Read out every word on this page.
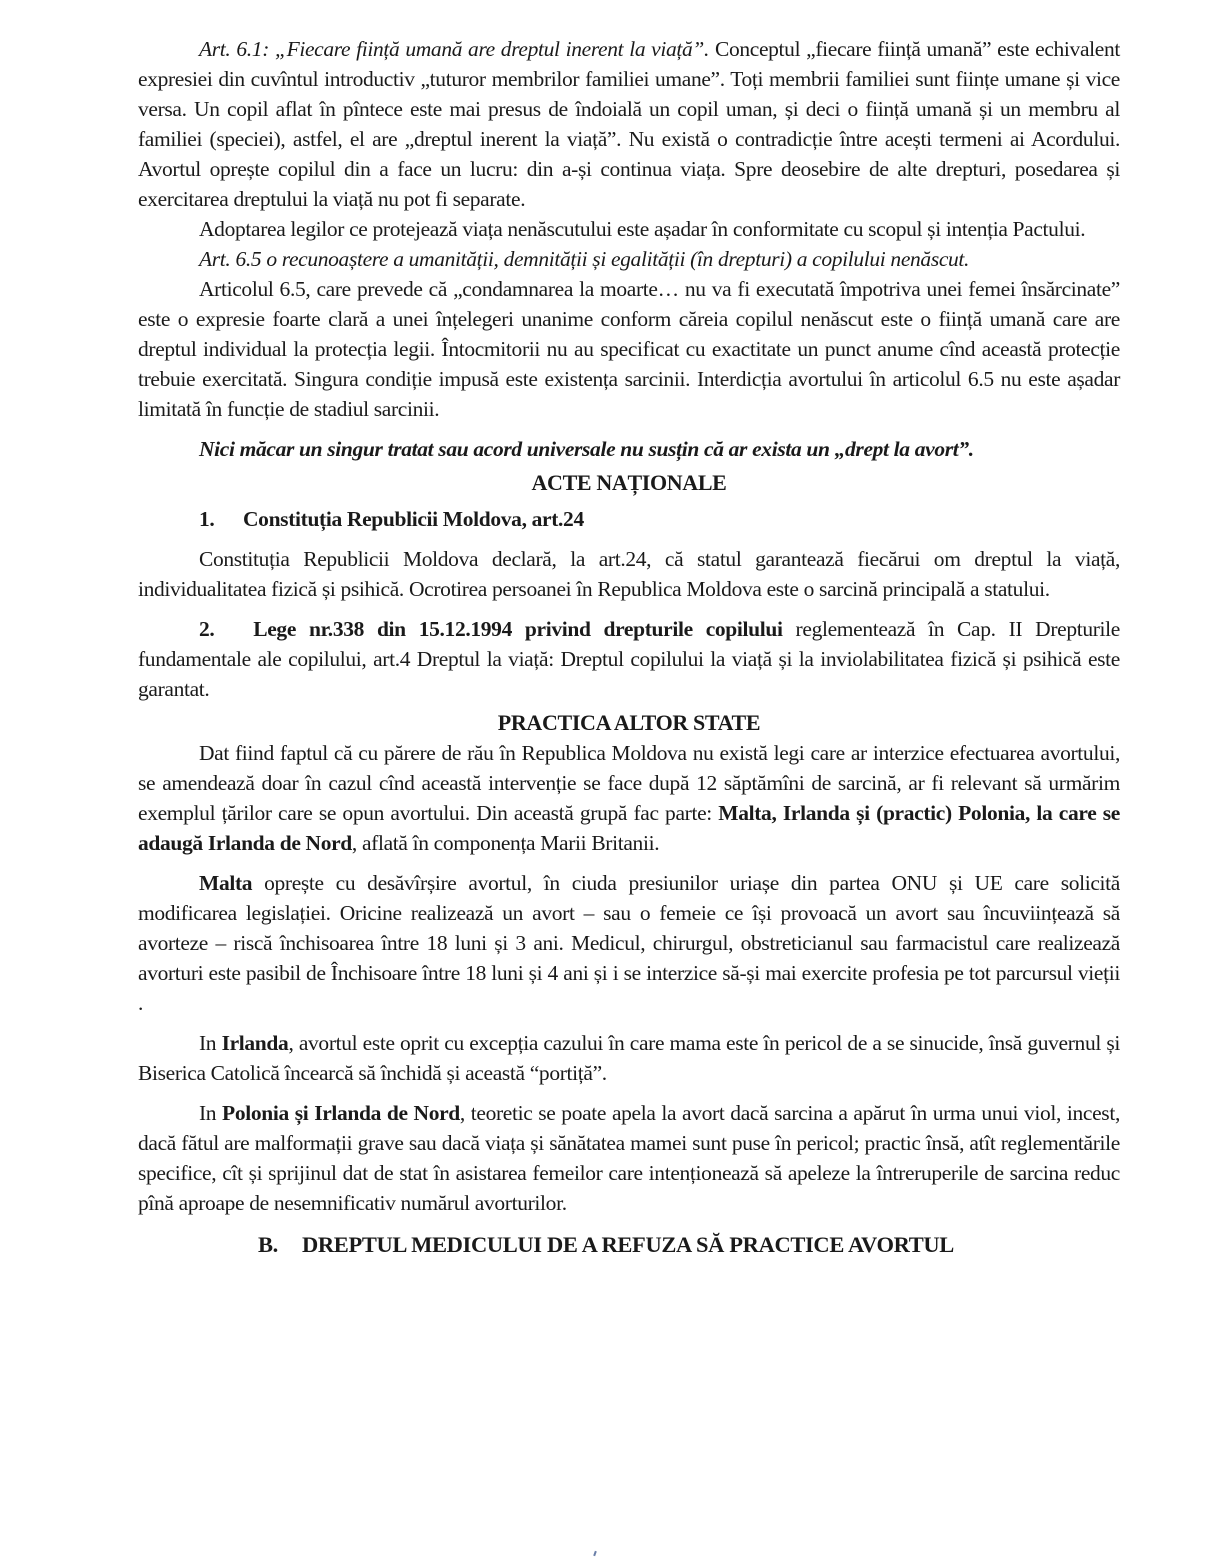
Art. 6.1: „Fiecare ființă umană are dreptul inerent la viață”. Conceptul „fiecare ființă umană” este echivalent expresiei din cuvîntul introductiv „tuturor membrilor familiei umane”. Toți membrii familiei sunt ființe umane și vice versa. Un copil aflat în pîntece este mai presus de îndoială un copil uman, și deci o ființă umană și un membru al familiei (speciei), astfel, el are „dreptul inerent la viață”. Nu există o contradicție între acești termeni ai Acordului. Avortul oprește copilul din a face un lucru: din a-și continua viața. Spre deosebire de alte drepturi, posedarea și exercitarea dreptului la viață nu pot fi separate.

Adoptarea legilor ce protejează viața nenăscutului este așadar în conformitate cu scopul și intenția Pactului.

Art. 6.5 o recunoaștere a umanității, demnității și egalității (în drepturi) a copilului nenăscut.

Articolul 6.5, care prevede că „condamnarea la moarte… nu va fi executată împotriva unei femei însărcinate” este o expresie foarte clară a unei înțelegeri unanime conform căreia copilul nenăscut este o ființă umană care are dreptul individual la protecția legii. Întocmitorii nu au specificat cu exactitate un punct anume cînd această protecție trebuie exercitată. Singura condiție impusă este existența sarcinii. Interdicția avortului în articolul 6.5 nu este așadar limitată în funcție de stadiul sarcinii.

Nici măcar un singur tratat sau acord universale nu susțin că ar exista un „drept la avort”.

ACTE NAȚIONALE
1. Constituția Republicii Moldova, art.24

Constituția Republicii Moldova declară, la art.24, că statul garantează fiecărui om dreptul la viață, individualitatea fizică și psihică. Ocrotirea persoanei în Republica Moldova este o sarcină principală a statului.

2. Lege nr.338 din 15.12.1994 privind drepturile copilului reglementează în Cap. II Drepturile fundamentale ale copilului, art.4 Dreptul la viață: Dreptul copilului la viață și la inviolabilitatea fizică și psihică este garantat.

PRACTICA ALTOR STATE

Dat fiind faptul că cu părere de rău în Republica Moldova nu există legi care ar interzice efectuarea avortului, se amendează doar în cazul cînd această intervenție se face după 12 săptămîni de sarcină, ar fi relevant să urmărim exemplul țărilor care se opun avortului. Din această grupă fac parte: Malta, Irlanda și (practic) Polonia, la care se adaugă Irlanda de Nord, aflată în componența Marii Britanii.

Malta oprește cu desăvîrșire avortul, în ciuda presiunilor uriașe din partea ONU și UE care solicită modificarea legislației. Oricine realizează un avort – sau o femeie ce își provoacă un avort sau încuviințează să avorteze – riscă închisoarea între 18 luni și 3 ani. Medicul, chirurgul, obstreticianul sau farmacistul care realizează avorturi este pasibil de Închisoare între 18 luni și 4 ani și i se interzice să-și mai exercite profesia pe tot parcursul vieții .

In Irlanda, avortul este oprit cu excepția cazului în care mama este în pericol de a se sinucide, însă guvernul și Biserica Catolică încearcă să închidă și această “portiță”.

In Polonia și Irlanda de Nord, teoretic se poate apela la avort dacă sarcina a apărut în urma unui viol, incest, dacă fătul are malformații grave sau dacă viața și sănătatea mamei sunt puse în pericol; practic însă, atît reglementările specifice, cît și sprijinul dat de stat în asistarea femeilor care intenționează să apeleze la întreruperile de sarcina reduc pînă aproape de nesemnificativ numărul avorturilor.

B. DREPTUL MEDICULUI DE A REFUZA SĂ PRACTICE AVORTUL
